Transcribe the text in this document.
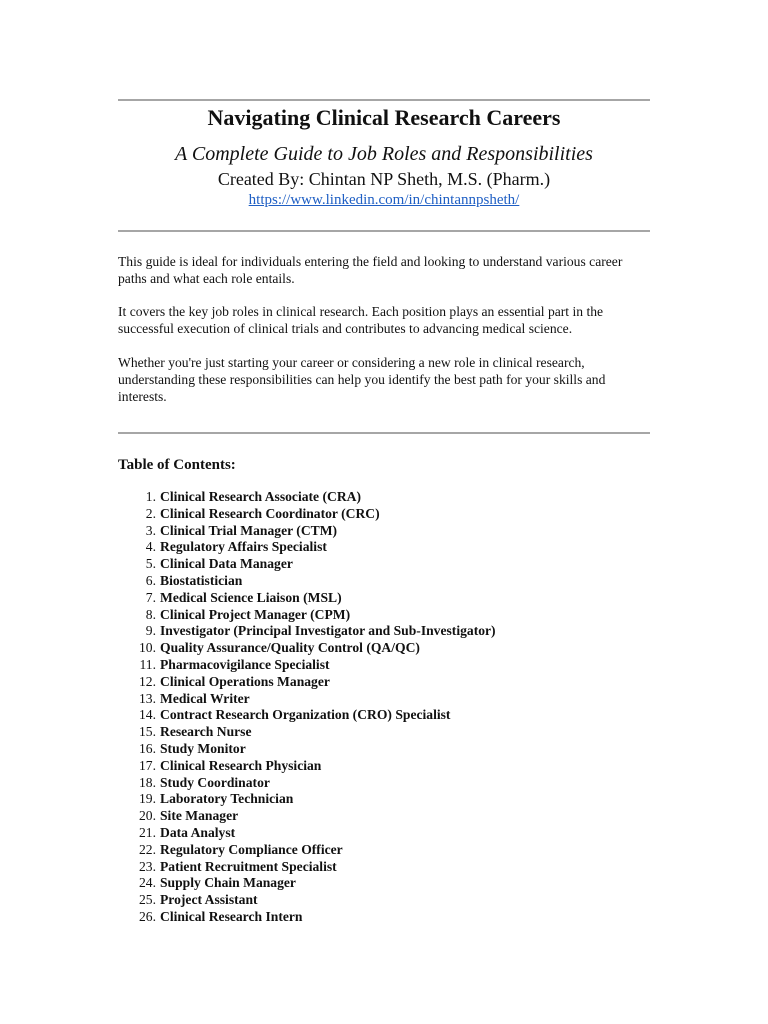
Navigating Clinical Research Careers
A Complete Guide to Job Roles and Responsibilities
Created By: Chintan NP Sheth, M.S. (Pharm.)
https://www.linkedin.com/in/chintannpsheth/
This guide is ideal for individuals entering the field and looking to understand various career paths and what each role entails.
It covers the key job roles in clinical research. Each position plays an essential part in the successful execution of clinical trials and contributes to advancing medical science.
Whether you're just starting your career or considering a new role in clinical research, understanding these responsibilities can help you identify the best path for your skills and interests.
Table of Contents:
1. Clinical Research Associate (CRA)
2. Clinical Research Coordinator (CRC)
3. Clinical Trial Manager (CTM)
4. Regulatory Affairs Specialist
5. Clinical Data Manager
6. Biostatistician
7. Medical Science Liaison (MSL)
8. Clinical Project Manager (CPM)
9. Investigator (Principal Investigator and Sub-Investigator)
10. Quality Assurance/Quality Control (QA/QC)
11. Pharmacovigilance Specialist
12. Clinical Operations Manager
13. Medical Writer
14. Contract Research Organization (CRO) Specialist
15. Research Nurse
16. Study Monitor
17. Clinical Research Physician
18. Study Coordinator
19. Laboratory Technician
20. Site Manager
21. Data Analyst
22. Regulatory Compliance Officer
23. Patient Recruitment Specialist
24. Supply Chain Manager
25. Project Assistant
26. Clinical Research Intern
